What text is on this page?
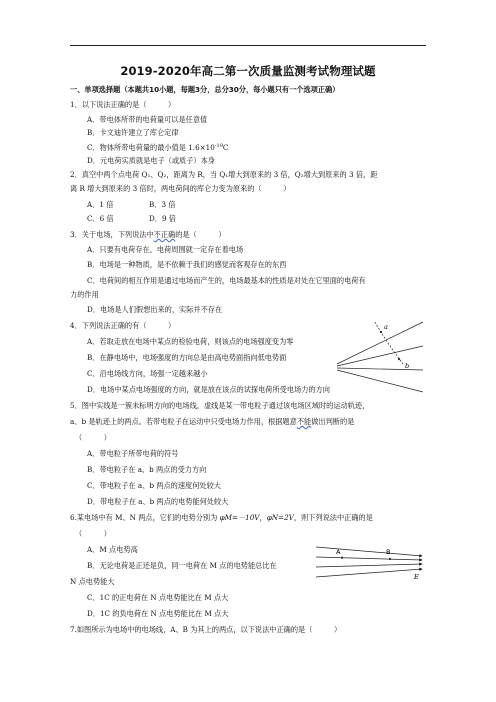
2019-2020年高二第一次质量监测考试物理试题
一、单项选择题（本题共10小题，每题3分，总分30分，每小题只有一个选项正确）
1．以下说法正确的是（　　　）
A．带电体所带的电荷量可以是任意值
B．卡文迪许建立了库仑定律
C．物体所带电荷量的最小值是 $1.6\times 10^{-19}C$
D．元电荷实质就是电子（或质子）本身
2．真空中两个点电荷 Q₁、Q₂，距离为 R，当 Q₁增大到原来的 3 倍，Q₂增大到原来的 3 倍，距
离 R 增大到原来的 3 倍时，两电荷间的库仑力变为原来的（　　　）
A．1 倍	B．3 倍
C．6 倍	D．9 倍
3．关于电场，下列说法中不正确的是（　　　）
A．只要有电荷存在，电荷周围就一定存在着电场
B．电场是一种物质，是不依赖于我们的感觉而客观存在的东西
C．电荷间的相互作用是通过电场而产生的，电场最基本的性质是对处在它里面的电荷有
力的作用
D．电场是人们假想出来的，实际并不存在
4．下列说法正确的有（　　　）
A．若取走放在电场中某点的检验电荷，则该点的电场强度变为零
B．在静电场中，电场强度的方向总是由高电势面指向低电势面
C．沿电场线方向，场强一定越来越小
D．电场中某点电场强度的方向，就是放在该点的试探电荷所受电场力的方向
a
b
5．图中实线是一簇未标明方向的电场线，虚线是某一带电粒子通过该电场区域时的运动轨迹，
a、b 是轨迹上的两点。若带电粒子在运动中只受电场力作用，根据题意不能做出判断的是
（　　　）
A．带电粒子所带电荷的符号
B．带电粒子在 a、b 两点的受力方向
C．带电粒子在 a、b 两点的速度何处较大
D．带电粒子在 a、b 两点的电势能何处较大
6.某电场中有 M、N 两点，它们的电势分别为 φM=－10V，φN=2V，则下列说法中正确的是
（　　　）
A．M 点电势高
B．无论电荷是正还是负，同一电荷在 M 点的电势能总比在
N 点电势能大
C．1C 的正电荷在 N 点电势能比在 M 点大
D．1C 的负电荷在 N 点电势能比在 M 点大
A	B
E
7.如图所示为电场中的电场线，A、B 为其上的两点，以下说法中正确的是（　　　）
